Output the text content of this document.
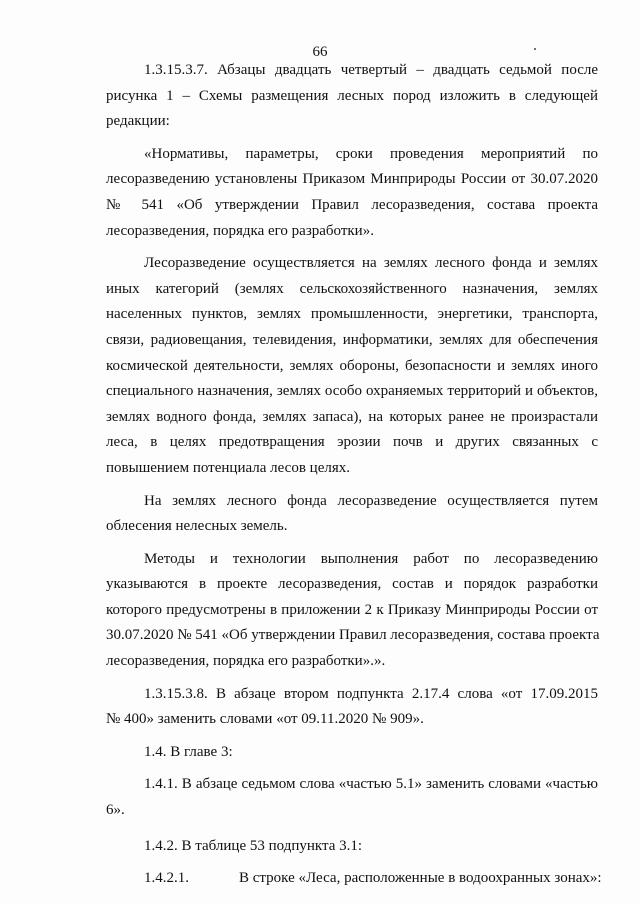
66

1.3.15.3.7. Абзацы двадцать четвертый – двадцать седьмой после

рисунка 1 – Схемы размещения лесных пород изложить в следующей

редакции:

«Нормативы, параметры, сроки проведения мероприятий по

лесоразведению установлены Приказом Минприроды России от 30.07.2020

№ 541 «Об утверждении Правил лесоразведения, состава проекта

лесоразведения, порядка его разработки».

Лесоразведение осуществляется на землях лесного фонда и землях

иных категорий (землях сельскохозяйственного назначения, землях

населенных пунктов, землях промышленности, энергетики, транспорта,

связи, радиовещания, телевидения, информатики, землях для обеспечения

космической деятельности, землях обороны, безопасности и землях иного

специального назначения, землях особо охраняемых территорий и объектов,

землях водного фонда, землях запаса), на которых ранее не произрастали

леса, в целях предотвращения эрозии почв и других связанных с

повышением потенциала лесов целях.

На землях лесного фонда лесоразведение осуществляется путем

облесения нелесных земель.

Методы и технологии выполнения работ по лесоразведению

указываются в проекте лесоразведения, состав и порядок разработки

которого предусмотрены в приложении 2 к Приказу Минприроды России от

30.07.2020 № 541 «Об утверждении Правил лесоразведения, состава проекта

лесоразведения, порядка его разработки».».

1.3.15.3.8. В абзаце втором подпункта 2.17.4 слова «от 17.09.2015

№ 400» заменить словами «от 09.11.2020 № 909».

1.4. В главе 3:

1.4.1. В абзаце седьмом слова «частью 5.1» заменить словами «частью

6».

1.4.2. В таблице 53 подпункта 3.1:

1.4.2.1.	В строке «Леса, расположенные в водоохранных зонах»:
